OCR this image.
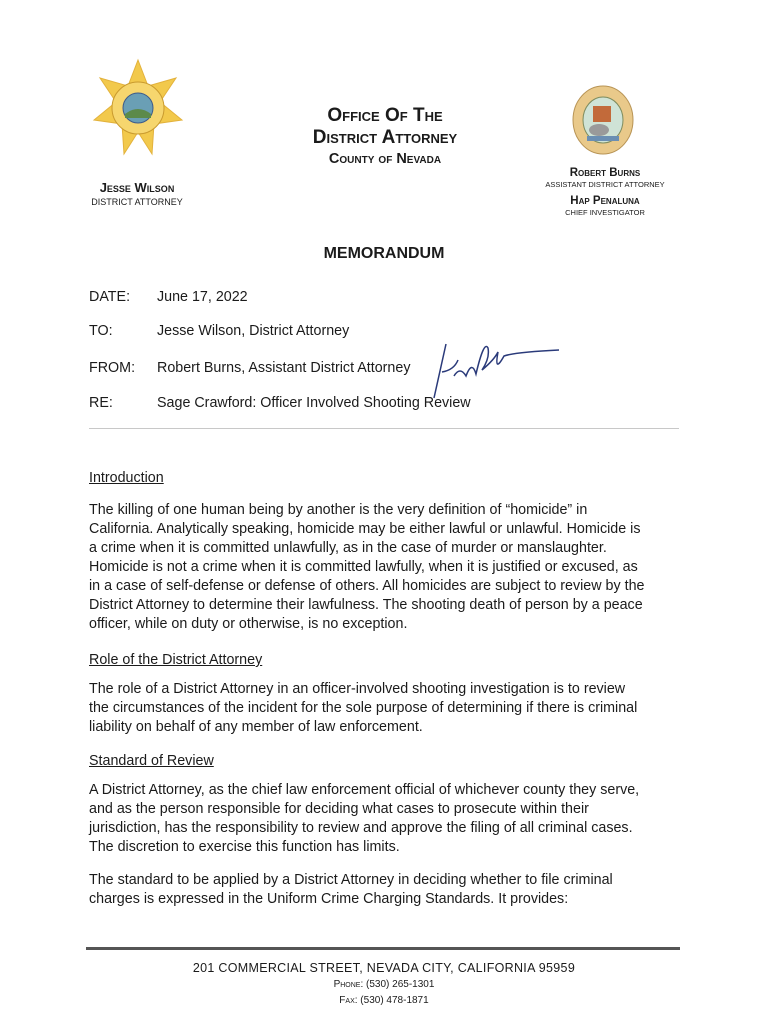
Office Of The
District Attorney
County of Nevada
Jesse Wilson
DISTRICT ATTORNEY
Robert Burns
ASSISTANT DISTRICT ATTORNEY
Hap Penaluna
CHIEF INVESTIGATOR
MEMORANDUM
DATE: June 17, 2022
TO:	Jesse Wilson, District Attorney
FROM: Robert Burns, Assistant District Attorney
RE:	Sage Crawford: Officer Involved Shooting Review
Introduction
The killing of one human being by another is the very definition of “homicide” in
California. Analytically speaking, homicide may be either lawful or unlawful. Homicide is
a crime when it is committed unlawfully, as in the case of murder or manslaughter.
Homicide is not a crime when it is committed lawfully, when it is justified or excused, as
in a case of self-defense or defense of others. All homicides are subject to review by the
District Attorney to determine their lawfulness. The shooting death of person by a peace
officer, while on duty or otherwise, is no exception.
Role of the District Attorney
The role of a District Attorney in an officer-involved shooting investigation is to review
the circumstances of the incident for the sole purpose of determining if there is criminal
liability on behalf of any member of law enforcement.
Standard of Review
A District Attorney, as the chief law enforcement official of whichever county they serve,
and as the person responsible for deciding what cases to prosecute within their
jurisdiction, has the responsibility to review and approve the filing of all criminal cases.
The discretion to exercise this function has limits.
The standard to be applied by a District Attorney in deciding whether to file criminal
charges is expressed in the Uniform Crime Charging Standards. It provides:
201 COMMERCIAL STREET, NEVADA CITY, CALIFORNIA 95959
Phone: (530) 265-1301
Fax: (530) 478-1871
